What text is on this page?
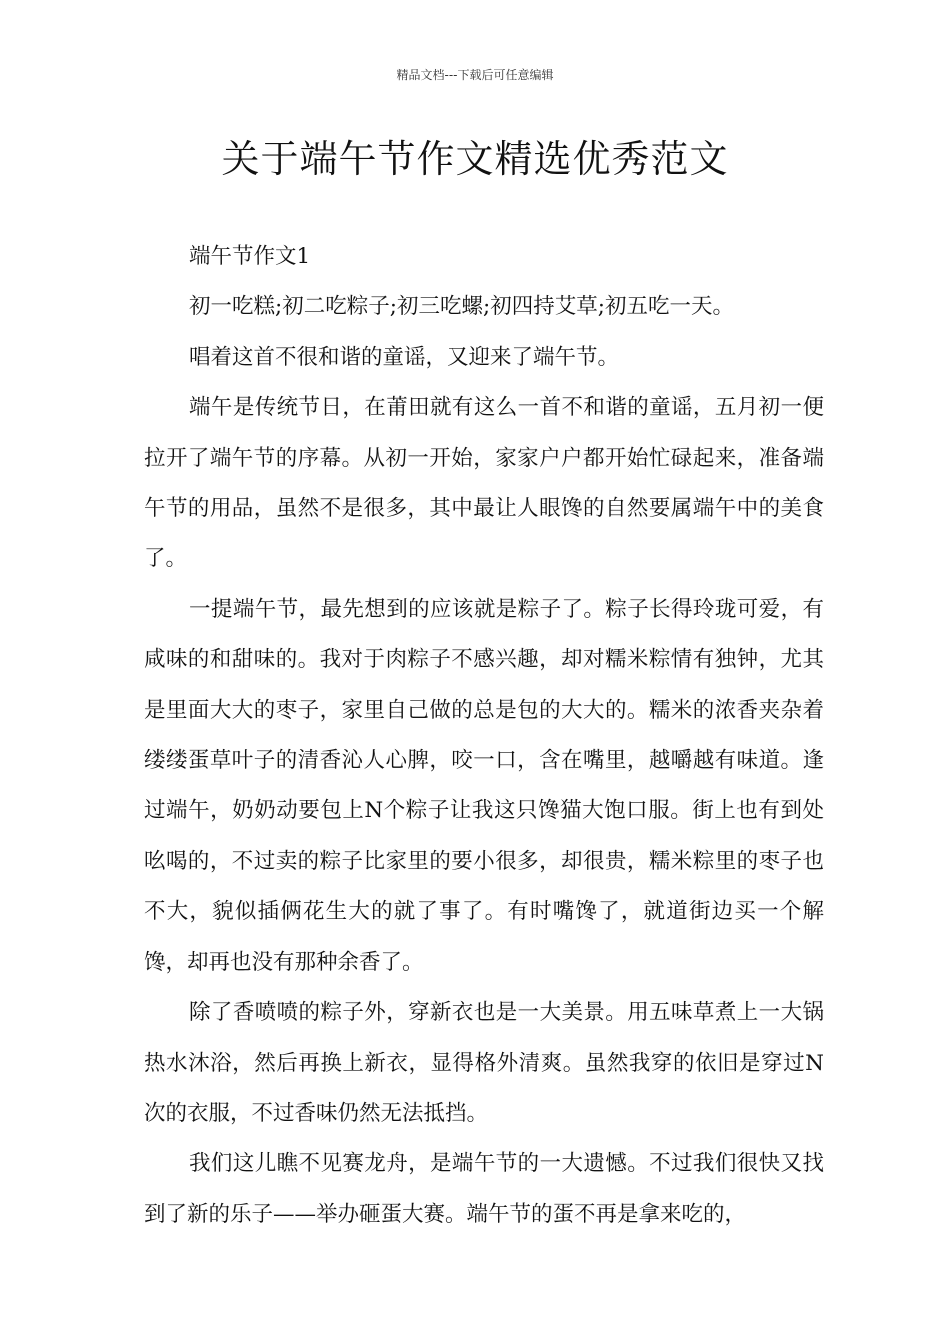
精品文档---下载后可任意编辑
关于端午节作文精选优秀范文

端午节作文1

初一吃糕;初二吃粽子;初三吃螺;初四持艾草;初五吃一天。

唱着这首不很和谐的童谣，又迎来了端午节。

端午是传统节日，在莆田就有这么一首不和谐的童谣，五月初一便拉开了端午节的序幕。从初一开始，家家户户都开始忙碌起来，准备端午节的用品，虽然不是很多，其中最让人眼馋的自然要属端午中的美食了。

一提端午节，最先想到的应该就是粽子了。粽子长得玲珑可爱，有咸味的和甜味的。我对于肉粽子不感兴趣，却对糯米粽情有独钟，尤其是里面大大的枣子，家里自己做的总是包的大大的。糯米的浓香夹杂着缕缕蛋草叶子的清香沁人心脾，咬一口，含在嘴里，越嚼越有味道。逢过端午，奶奶动要包上N个粽子让我这只馋猫大饱口服。街上也有到处吆喝的，不过卖的粽子比家里的要小很多，却很贵，糯米粽里的枣子也不大，貌似插俩花生大的就了事了。有时嘴馋了，就道街边买一个解馋，却再也没有那种余香了。

除了香喷喷的粽子外，穿新衣也是一大美景。用五味草煮上一大锅热水沐浴，然后再换上新衣，显得格外清爽。虽然我穿的依旧是穿过N次的衣服，不过香味仍然无法抵挡。

我们这儿瞧不见赛龙舟，是端午节的一大遗憾。不过我们很快又找到了新的乐子——举办砸蛋大赛。端午节的蛋不再是拿来吃的，
